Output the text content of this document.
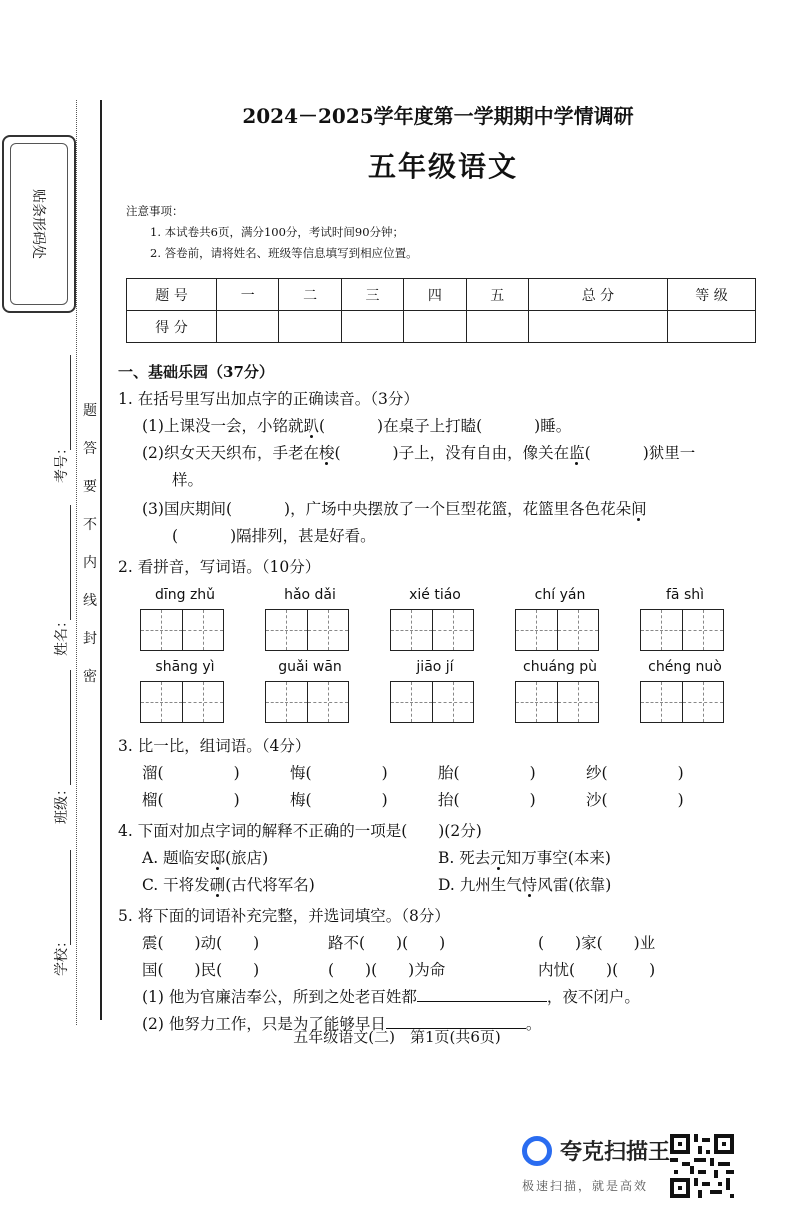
贴条形码处
考号：
姓名：
班级：
学校：
题
答
要
不
内
线
封
密
2024－2025学年度第一学期期中学情调研
五年级语文
注意事项：
1. 本试卷共6页，满分100分，考试时间90分钟；
2. 答卷前，请将姓名、班级等信息填写到相应位置。
题 号	一	二	三	四	五	总 分	等 级
得 分							
一、基础乐园（37分）
1. 在括号里写出加点字的正确读音。（3分）
(1)上课没一会，小铭就趴(	)在桌子上打瞌(	)睡。
(2)织女天天织布，手老在梭(	)子上，没有自由，像关在监(	)狱里一
样。
(3)国庆期间(	)，广场中央摆放了一个巨型花篮，花篮里各色花朵间
(	)隔排列，甚是好看。
2. 看拼音，写词语。（10分）
dīng zhǔ	hǎo dǎi	xié tiáo	chí yán	fā shì
shāng yì	guǎi wān	jiāo jí	chuáng pù	chéng nuò
3. 比一比，组词语。（4分）
溜(	)	悔(	)	胎(	)	纱(	)
榴(	)	梅(	)	抬(	)	沙(	)
4. 下面对加点字词的解释不正确的一项是(　　)(2分)
A. 题临安邸(旅店)	B. 死去元知万事空(本来)
C. 干将发硎(古代将军名)	D. 九州生气恃风雷(依靠)
5. 将下面的词语补充完整，并选词填空。（8分）
震(　　)动(　　)	路不(　　)(　　)	(　　)家(　　)业
国(　　)民(　　)	(　　)(　　)为命	内忧(　　)(　　)
(1) 他为官廉洁奉公，所到之处老百姓都	，夜不闭户。
(2) 他努力工作，只是为了能够早日	。
五年级语文(二)　第1页(共6页)
夸克扫描王
极速扫描，就是高效
